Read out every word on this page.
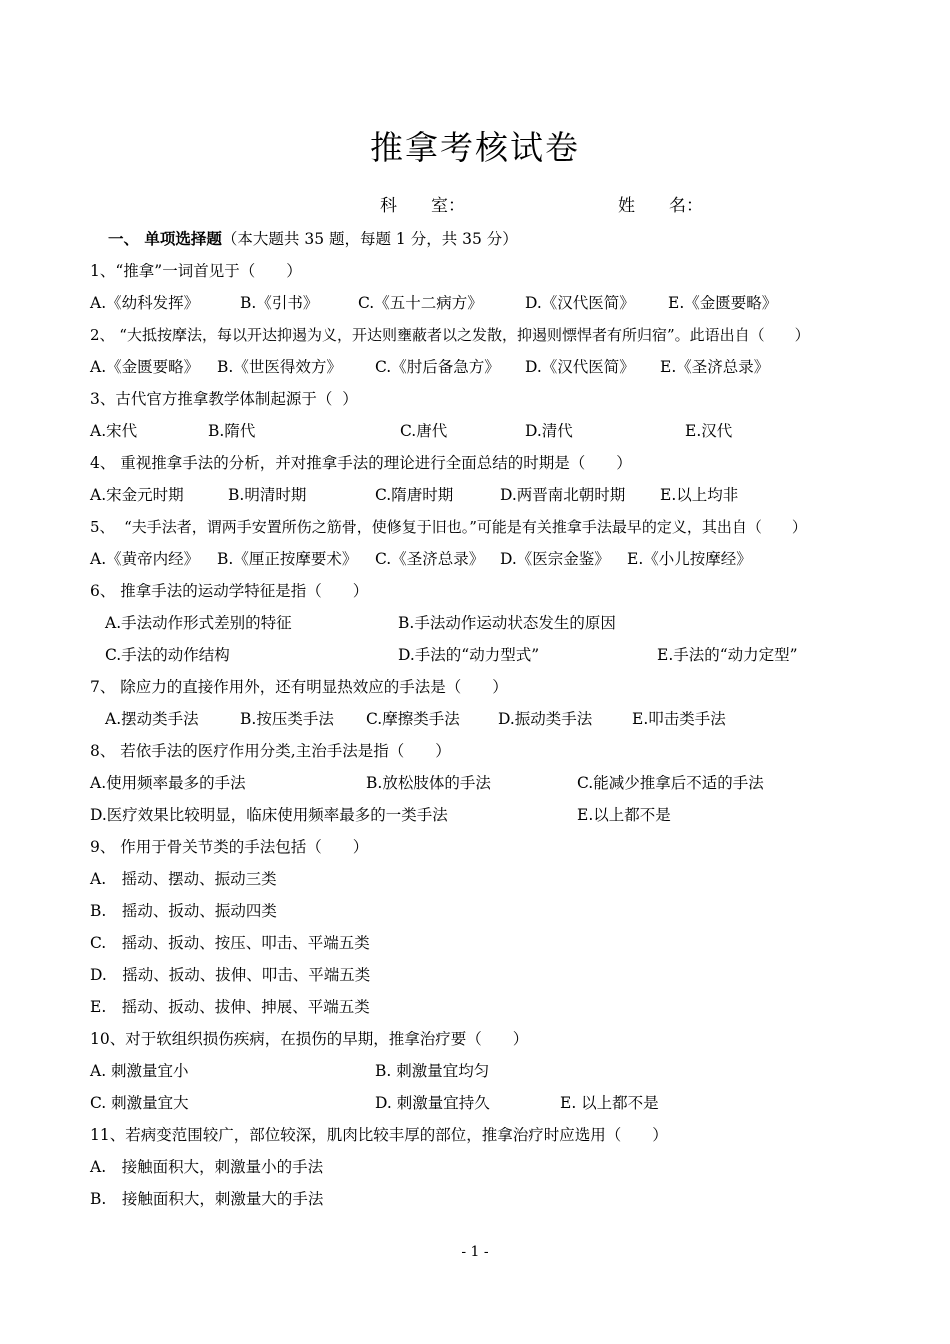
推拿考核试卷
科　　室：	姓　　名：
一、 单项选择题（本大题共 35 题，每题 1 分，共 35 分）
1、“推拿”一词首见于（　　）
A.《幼科发挥》	B.《引书》	C.《五十二病方》	D.《汉代医简》 E.《金匮要略》
2、 “大抵按摩法，每以开达抑遏为义，开达则壅蔽者以之发散，抑遏则慓悍者有所归宿”。此语出自（　　）
A.《金匮要略》 B.《世医得效方》 C.《肘后备急方》 D.《汉代医简》 E.《圣济总录》
3、古代官方推拿教学体制起源于（  ）
A.宋代	B.隋代	C.唐代	D.清代	E.汉代
4、 重视推拿手法的分析，并对推拿手法的理论进行全面总结的时期是（　　）
A.宋金元时期	B.明清时期	C.隋唐时期	D.两晋南北朝时期 E.以上均非
5、  “夫手法者，谓两手安置所伤之筋骨，使修复于旧也。”可能是有关推拿手法最早的定义，其出自（　　）
A.《黄帝内经》 B.《厘正按摩要术》 C.《圣济总录》 D.《医宗金鉴》 E.《小儿按摩经》
6、 推拿手法的运动学特征是指（　　）
A.手法动作形式差别的特征	B.手法动作运动状态发生的原因
C.手法的动作结构	D.手法的“动力型式”	E.手法的“动力定型”
7、 除应力的直接作用外，还有明显热效应的手法是（　　）
A.摆动类手法	B.按压类手法 C.摩擦类手法 D.振动类手法	E.叩击类手法
8、 若依手法的医疗作用分类,主治手法是指（　　）
A.使用频率最多的手法	B.放松肢体的手法	C.能减少推拿后不适的手法
D.医疗效果比较明显，临床使用频率最多的一类手法	E.以上都不是
9、 作用于骨关节类的手法包括（　　）
A.　摇动、摆动、振动三类
B.　摇动、扳动、振动四类
C.　摇动、扳动、按压、叩击、平端五类
D.　摇动、扳动、拔伸、叩击、平端五类
E.　摇动、扳动、拔伸、抻展、平端五类
10、对于软组织损伤疾病，在损伤的早期，推拿治疗要（　　）
A. 刺激量宜小	B. 刺激量宜均匀
C. 刺激量宜大	D. 刺激量宜持久	E. 以上都不是
11、若病变范围较广，部位较深，肌肉比较丰厚的部位，推拿治疗时应选用（　　）
A.　接触面积大，刺激量小的手法
B.　接触面积大，刺激量大的手法
- 1 -
